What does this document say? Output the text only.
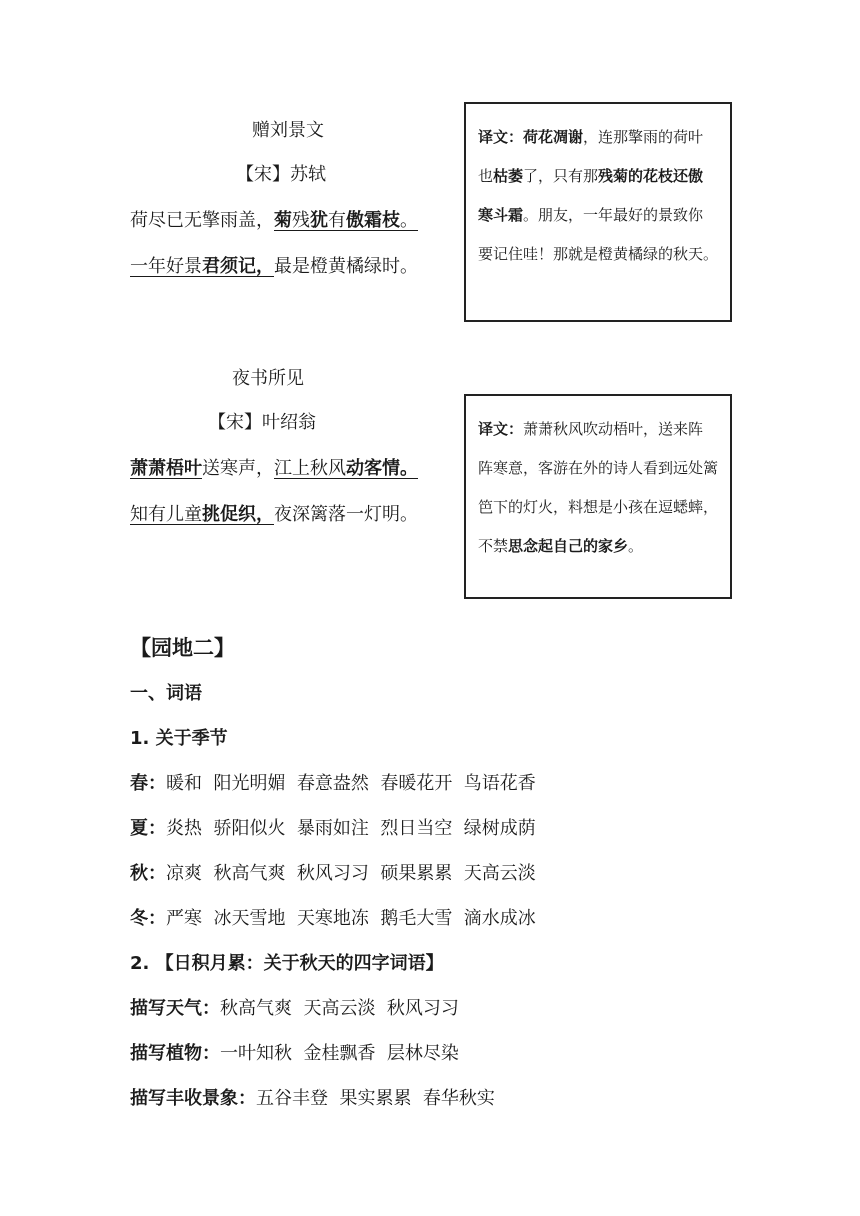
赠刘景文
【宋】苏轼
荷尽已无擎雨盖，菊残犹有傲霜枝。
一年好景君须记，最是橙黄橘绿时。
译文：荷花凋谢，连那擎雨的荷叶也枯萎了，只有那残菊的花枝还傲寒斗霜。朋友，一年最好的景致你要记住哇！那就是橙黄橘绿的秋天。
夜书所见
【宋】叶绍翁
萧萧梧叶送寒声，江上秋风动客情。
知有儿童挑促织，夜深篱落一灯明。
译文：萧萧秋风吹动梧叶，送来阵阵寒意，客游在外的诗人看到远处篱笆下的灯火，料想是小孩在逗蟋蟀，不禁思念起自己的家乡。
【园地二】
一、词语
1. 关于季节
春：暖和  阳光明媚  春意盎然  春暖花开  鸟语花香
夏：炎热  骄阳似火  暴雨如注  烈日当空  绿树成荫
秋：凉爽  秋高气爽  秋风习习  硕果累累  天高云淡
冬：严寒  冰天雪地  天寒地冻  鹅毛大雪  滴水成冰
2. 【日积月累：关于秋天的四字词语】
描写天气：秋高气爽  天高云淡  秋风习习
描写植物：一叶知秋  金桂飘香  层林尽染
描写丰收景象：五谷丰登  果实累累  春华秋实
